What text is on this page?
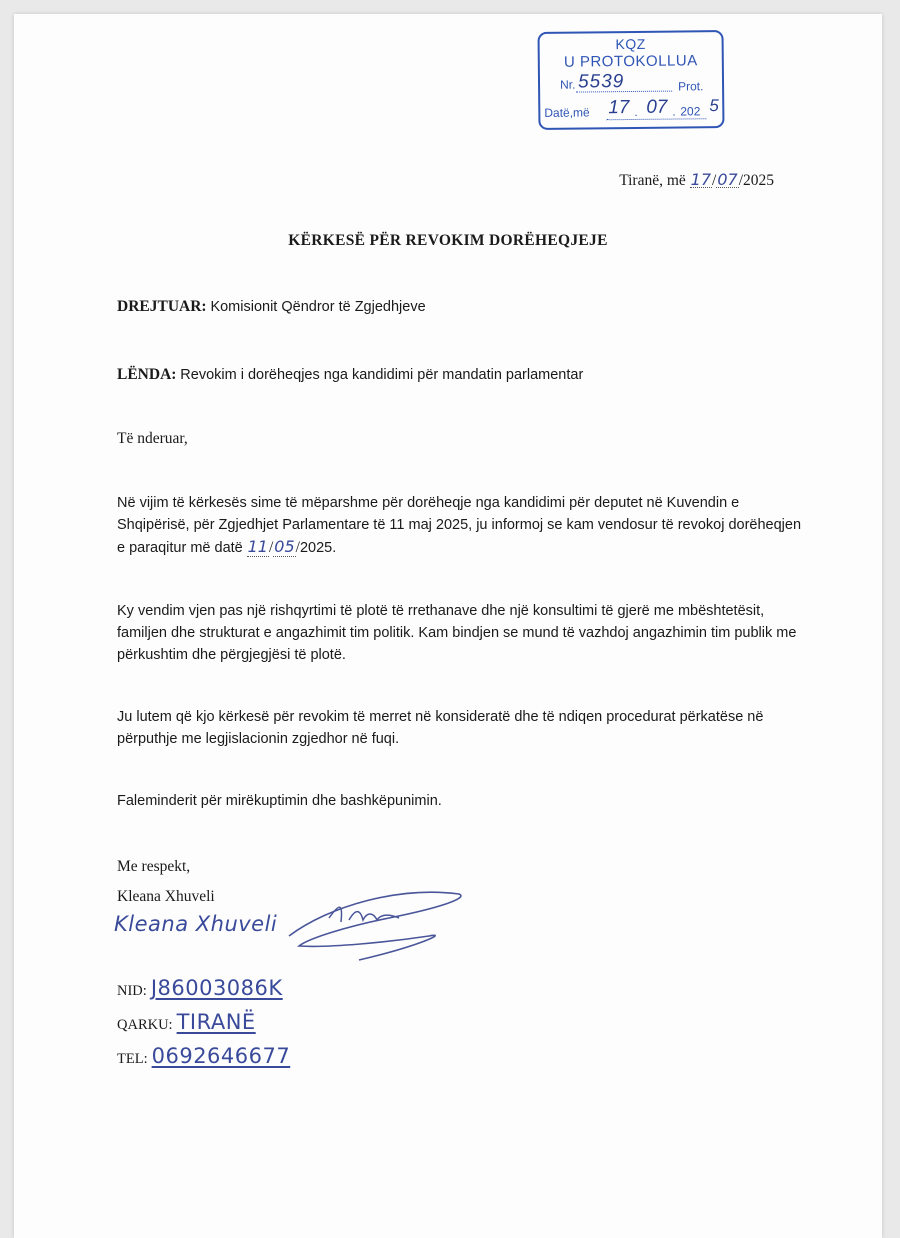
KQZ
U PROTOKOLLUA
Nr. 5539	Prot.
Datë,më 17 . 07 . 202 5
Tiranë, më 17/07/2025
KËRKESË PËR REVOKIM DORËHEQJEJE
DREJTUAR: Komisionit Qëndror të Zgjedhjeve
LËNDA: Revokim i dorëheqjes nga kandidimi për mandatin parlamentar
Të nderuar,
Në vijim të kërkesës sime të mëparshme për dorëheqje nga kandidimi për deputet në Kuvendin e Shqipërisë, për Zgjedhjet Parlamentare të 11 maj 2025, ju informoj se kam vendosur të revokoj dorëheqjen e paraqitur më datë 11/05/2025.
Ky vendim vjen pas një rishqyrtimi të plotë të rrethanave dhe një konsultimi të gjerë me mbështetësit, familjen dhe strukturat e angazhimit tim politik. Kam bindjen se mund të vazhdoj angazhimin tim publik me përkushtim dhe përgjegjësi të plotë.
Ju lutem që kjo kërkesë për revokim të merret në konsideratë dhe të ndiqen procedurat përkatëse në përputhje me legjislacionin zgjedhor në fuqi.
Faleminderit për mirëkuptimin dhe bashkëpunimin.
Me respekt,
Kleana Xhuveli
Kleana Xhuveli
NID: J86003086K
QARKU: TIRANË
TEL: 0692646677
